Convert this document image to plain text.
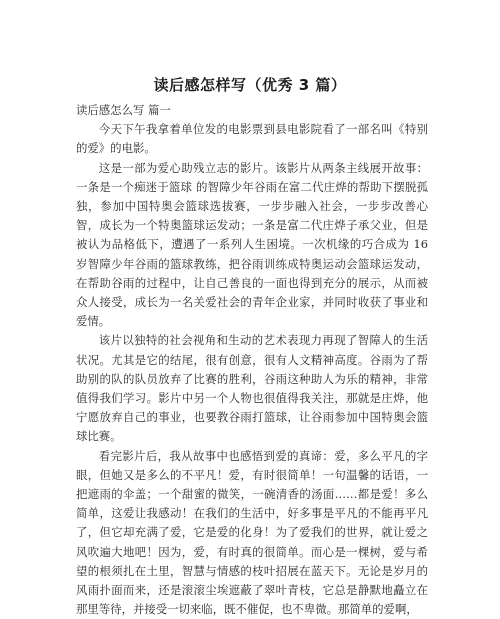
读后感怎样写（优秀 3 篇）

读后感怎么写 篇一

今天下午我拿着单位发的电影票到县电影院看了一部名叫《特别的爱》的电影。

这是一部为爱心助残立志的影片。该影片从两条主线展开故事：一条是一个痴迷于篮球 的智障少年谷雨在富二代庄烨的帮助下摆脱孤独，参加中国特奥会篮球选拔赛，一步步融入社会，一步步改善心智，成长为一个特奥篮球运发动；一条是富二代庄烨子承父业，但是被认为品格低下，遭遇了一系列人生困境。一次机缘的巧合成为 16 岁智障少年谷雨的篮球教练，把谷雨训练成特奥运动会篮球运发动，在帮助谷雨的过程中，让自己善良的一面也得到充分的展示，从而被众人接受，成长为一名关爱社会的青年企业家，并同时收获了事业和爱情。

该片以独特的社会视角和生动的艺术表现力再现了智障人的生活状况。尤其是它的结尾，很有创意，很有人文精神高度。谷雨为了帮助别的队的队员放弃了比赛的胜利，谷雨这种助人为乐的精神，非常值得我们学习。影片中另一个人物也很值得我关注，那就是庄烨，他宁愿放弃自己的事业，也要教谷雨打篮球，让谷雨参加中国特奥会篮球比赛。

看完影片后，我从故事中也感悟到爱的真谛：爱，多么平凡的字眼，但她又是多么的不平凡！爱，有时很简单！一句温馨的话语，一把遮雨的伞盖；一个甜蜜的微笑，一碗清香的汤面……都是爱！多么简单，这爱让我感动！在我们的生活中，好多事是平凡的不能再平凡了，但它却充满了爱，它是爱的化身！为了爱我们的世界，就让爱之风吹遍大地吧！因为，爱，有时真的很简单。而心是一棵树，爱与希望的根须扎在土里，智慧与情感的枝叶招展在蓝天下。无论是岁月的风雨扑面而来，还是滚滚尘埃遮蔽了翠叶青枝，它总是静默地矗立在那里等待，并接受一切来临，既不催促，也不卑微。那简单的爱啊，
